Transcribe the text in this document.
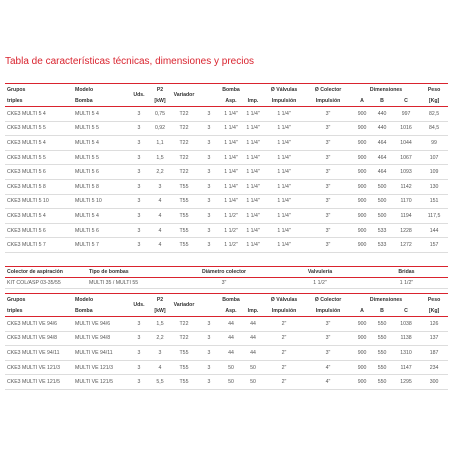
Tabla de características técnicas, dimensiones y precios
Grupos	Modelo	Uds.	P2	Variador	Bomba			Ø Válvulas	Ø Colector	Dimensiones			Peso
triples	Bomba		[kW]			Asp.	Imp.	Impulsión	Impulsión	A	B	C	[Kg]
CKE3 MULTI 5 4	MULTI 5 4	3	0,75	T22	3	1 1/4"	1 1/4"	1 1/4"	3"	900	440	997	82,5
CKE3 MULTI 5 5	MULTI 5 5	3	0,92	T22	3	1 1/4"	1 1/4"	1 1/4"	3"	900	440	1016	84,5
CKE3 MULTI 5 4	MULTI 5 4	3	1,1	T22	3	1 1/4"	1 1/4"	1 1/4"	3"	900	464	1044	99
CKE3 MULTI 5 5	MULTI 5 5	3	1,5	T22	3	1 1/4"	1 1/4"	1 1/4"	3"	900	464	1067	107
CKE3 MULTI 5 6	MULTI 5 6	3	2,2	T22	3	1 1/4"	1 1/4"	1 1/4"	3"	900	464	1093	109
CKE3 MULTI 5 8	MULTI 5 8	3	3	T55	3	1 1/4"	1 1/4"	1 1/4"	3"	900	500	1142	130
CKE3 MULTI 5 10	MULTI 5 10	3	4	T55	3	1 1/4"	1 1/4"	1 1/4"	3"	900	500	1170	151
CKE3 MULTI 5 4	MULTI 5 4	3	4	T55	3	1 1/2"	1 1/4"	1 1/4"	3"	900	500	1194	117,5
CKE3 MULTI 5 6	MULTI 5 6	3	4	T55	3	1 1/2"	1 1/4"	1 1/4"	3"	900	533	1228	144
CKE3 MULTI 5 7	MULTI 5 7	3	4	T55	3	1 1/2"	1 1/4"	1 1/4"	3"	900	533	1272	157
Colector de aspiración	Tipo de bombas	Diámetro colector	Valvulería	Bridas
KIT COL/ASP 03-35/55	MULTI 35 / MULTI 55	3"	1 1/2"	1 1/2"
Grupos	Modelo	Uds.	P2	Variador	Bomba			Ø Válvulas	Ø Colector	Dimensiones			Peso
triples	Bomba		[kW]			Asp.	Imp.	Impulsión	Impulsión	A	B	C	[Kg]
CKE3 MULTI VE 94/6	MULTI VE 94/6	3	1,5	T22	3	44	44	2"	3"	900	550	1038	126
CKE3 MULTI VE 94/8	MULTI VE 94/8	3	2,2	T22	3	44	44	2"	3"	900	550	1138	137
CKE3 MULTI VE 94/11	MULTI VE 94/11	3	3	T55	3	44	44	2"	3"	900	550	1310	187
CKE3 MULTI VE 121/3	MULTI VE 121/3	3	4	T55	3	50	50	2"	4"	900	550	1147	234
CKE3 MULTI VE 121/5	MULTI VE 121/5	3	5,5	T55	3	50	50	2"	4"	900	550	1295	300
